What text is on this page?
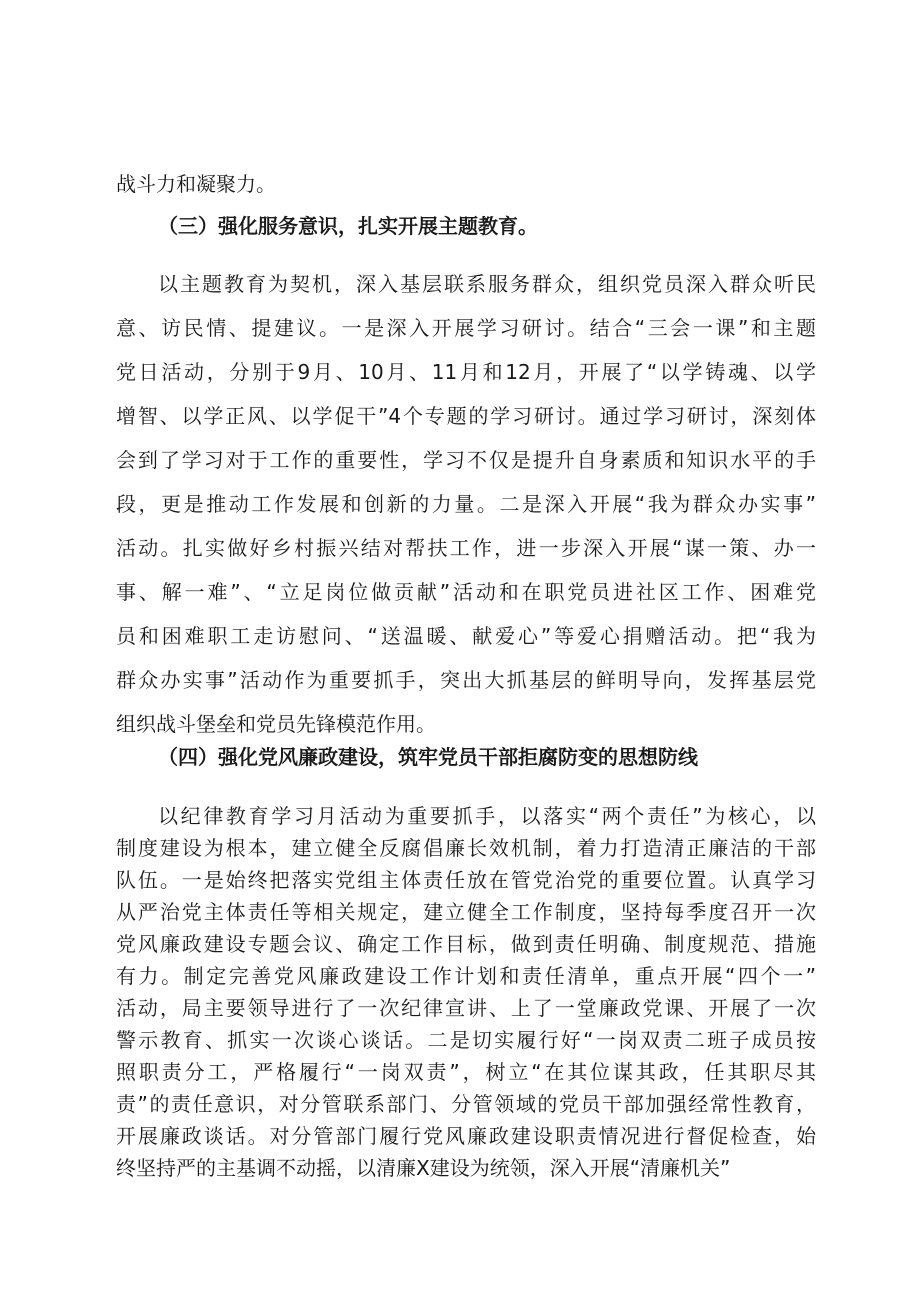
战斗力和凝聚力。
（三）强化服务意识，扎实开展主题教育。
以主题教育为契机，深入基层联系服务群众，组织党员深入群众听民
意、访民情、提建议。一是深入开展学习研讨。结合“三会一课”和主题
党日活动，分别于9月、10月、11月和12月，开展了“以学铸魂、以学
增智、以学正风、以学促干”4个专题的学习研讨。通过学习研讨，深刻体
会到了学习对于工作的重要性，学习不仅是提升自身素质和知识水平的手
段，更是推动工作发展和创新的力量。二是深入开展“我为群众办实事”
活动。扎实做好乡村振兴结对帮扶工作，进一步深入开展“谋一策、办一
事、解一难”、“立足岗位做贡献”活动和在职党员进社区工作、困难党
员和困难职工走访慰问、“送温暖、献爱心”等爱心捐赠活动。把“我为
群众办实事”活动作为重要抓手，突出大抓基层的鲜明导向，发挥基层党
组织战斗堡垒和党员先锋模范作用。
（四）强化党风廉政建设，筑牢党员干部拒腐防变的思想防线
以纪律教育学习月活动为重要抓手，以落实“两个责任”为核心，以
制度建设为根本，建立健全反腐倡廉长效机制，着力打造清正廉洁的干部
队伍。一是始终把落实党组主体责任放在管党治党的重要位置。认真学习
从严治党主体责任等相关规定，建立健全工作制度，坚持每季度召开一次
党风廉政建设专题会议、确定工作目标，做到责任明确、制度规范、措施
有力。制定完善党风廉政建设工作计划和责任清单，重点开展“四个一”
活动，局主要领导进行了一次纪律宣讲、上了一堂廉政党课、开展了一次
警示教育、抓实一次谈心谈话。二是切实履行好“一岗双责二班子成员按
照职责分工，严格履行“一岗双责”，树立“在其位谋其政，任其职尽其
责”的责任意识，对分管联系部门、分管领域的党员干部加强经常性教育，
开展廉政谈话。对分管部门履行党风廉政建设职责情况进行督促检查，始
终坚持严的主基调不动摇，以清廉X建设为统领，深入开展“清廉机关”
